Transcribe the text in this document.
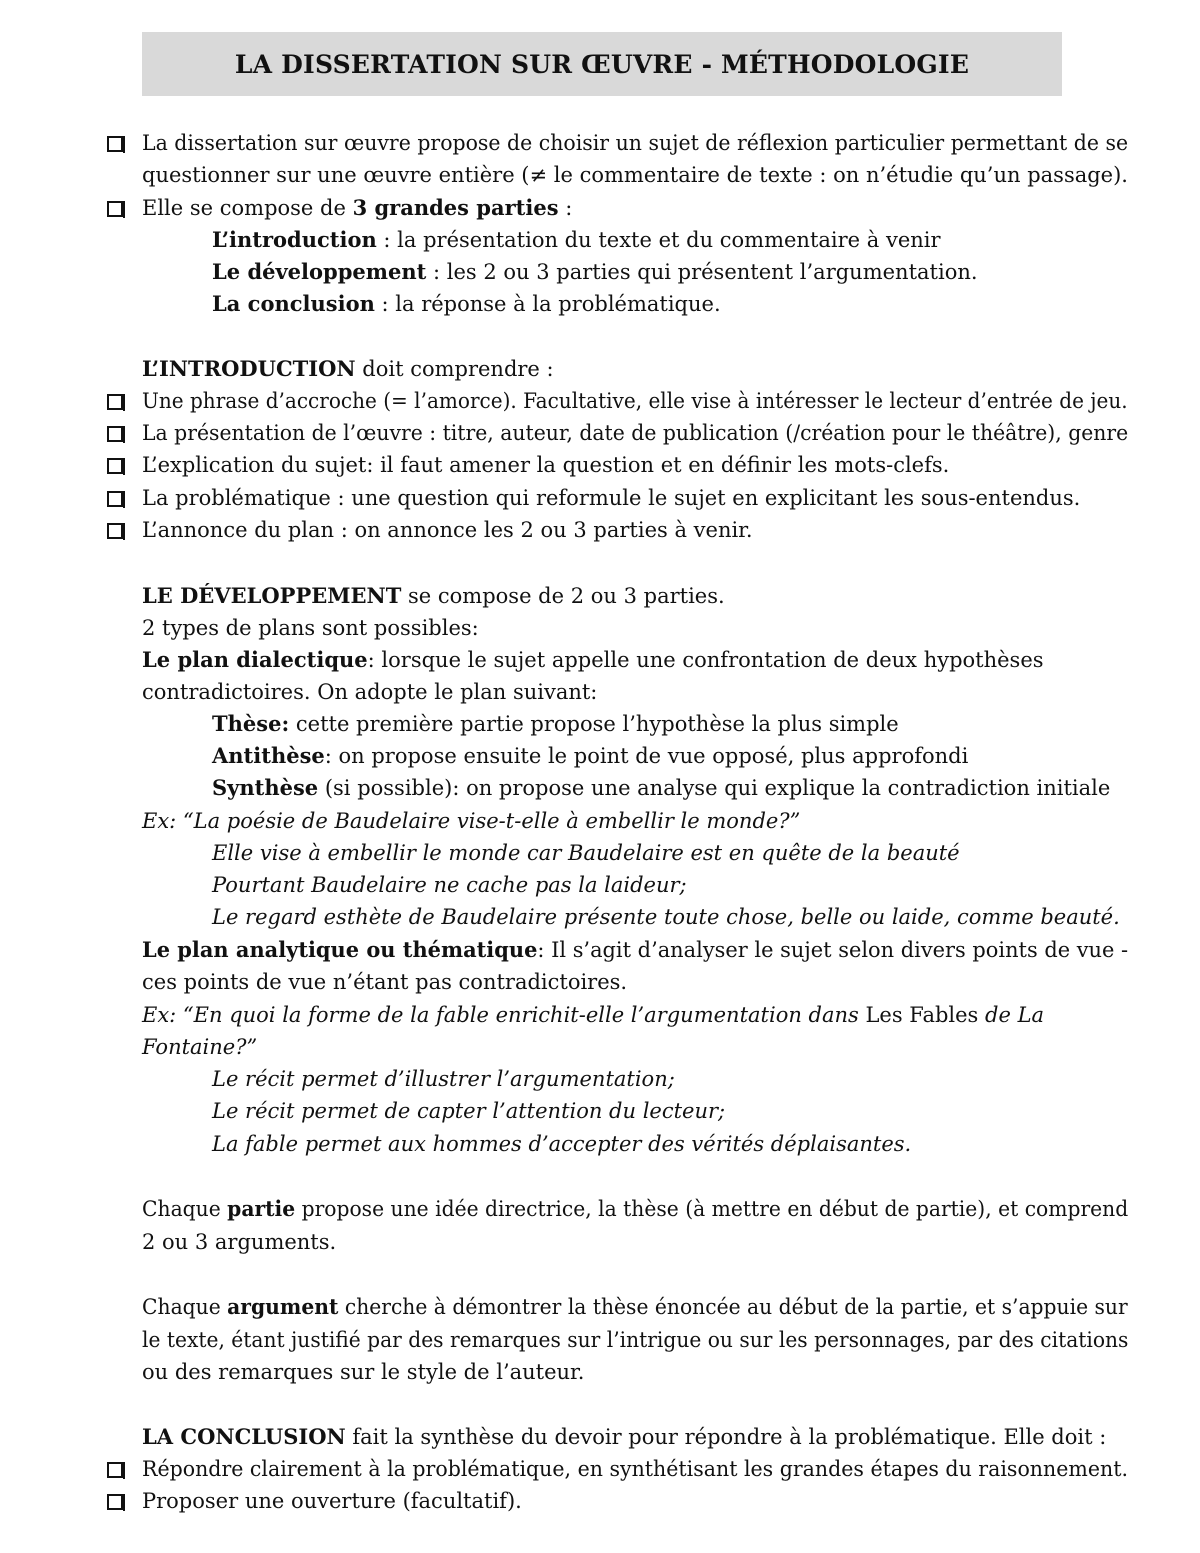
LA DISSERTATION SUR ŒUVRE - MÉTHODOLOGIE
La dissertation sur œuvre propose de choisir un sujet de réflexion particulier permettant de se
questionner sur une œuvre entière (≠ le commentaire de texte : on n’étudie qu’un passage).
Elle se compose de 3 grandes parties :
L’introduction : la présentation du texte et du commentaire à venir
Le développement : les 2 ou 3 parties qui présentent l’argumentation.
La conclusion : la réponse à la problématique.
L’INTRODUCTION doit comprendre :
Une phrase d’accroche (= l’amorce). Facultative, elle vise à intéresser le lecteur d’entrée de jeu.
La présentation de l’œuvre : titre, auteur, date de publication (/création pour le théâtre), genre
L’explication du sujet: il faut amener la question et en définir les mots-clefs.
La problématique : une question qui reformule le sujet en explicitant les sous-entendus.
L’annonce du plan : on annonce les 2 ou 3 parties à venir.
LE DÉVELOPPEMENT se compose de 2 ou 3 parties.
2 types de plans sont possibles:
Le plan dialectique: lorsque le sujet appelle une confrontation de deux hypothèses
contradictoires. On adopte le plan suivant:
Thèse: cette première partie propose l’hypothèse la plus simple
Antithèse: on propose ensuite le point de vue opposé, plus approfondi
Synthèse (si possible): on propose une analyse qui explique la contradiction initiale
Ex: “La poésie de Baudelaire vise-t-elle à embellir le monde?”
Elle vise à embellir le monde car Baudelaire est en quête de la beauté
Pourtant Baudelaire ne cache pas la laideur;
Le regard esthète de Baudelaire présente toute chose, belle ou laide, comme beauté.
Le plan analytique ou thématique: Il s’agit d’analyser le sujet selon divers points de vue -
ces points de vue n’étant pas contradictoires.
Ex: “En quoi la forme de la fable enrichit-elle l’argumentation dans Les Fables de La
Fontaine?”
Le récit permet d’illustrer l’argumentation;
Le récit permet de capter l’attention du lecteur;
La fable permet aux hommes d’accepter des vérités déplaisantes.
Chaque partie propose une idée directrice, la thèse (à mettre en début de partie), et comprend
2 ou 3 arguments.
Chaque argument cherche à démontrer la thèse énoncée au début de la partie, et s’appuie sur
le texte, étant justifié par des remarques sur l’intrigue ou sur les personnages, par des citations
ou des remarques sur le style de l’auteur.
LA CONCLUSION fait la synthèse du devoir pour répondre à la problématique. Elle doit :
Répondre clairement à la problématique, en synthétisant les grandes étapes du raisonnement.
Proposer une ouverture (facultatif).
